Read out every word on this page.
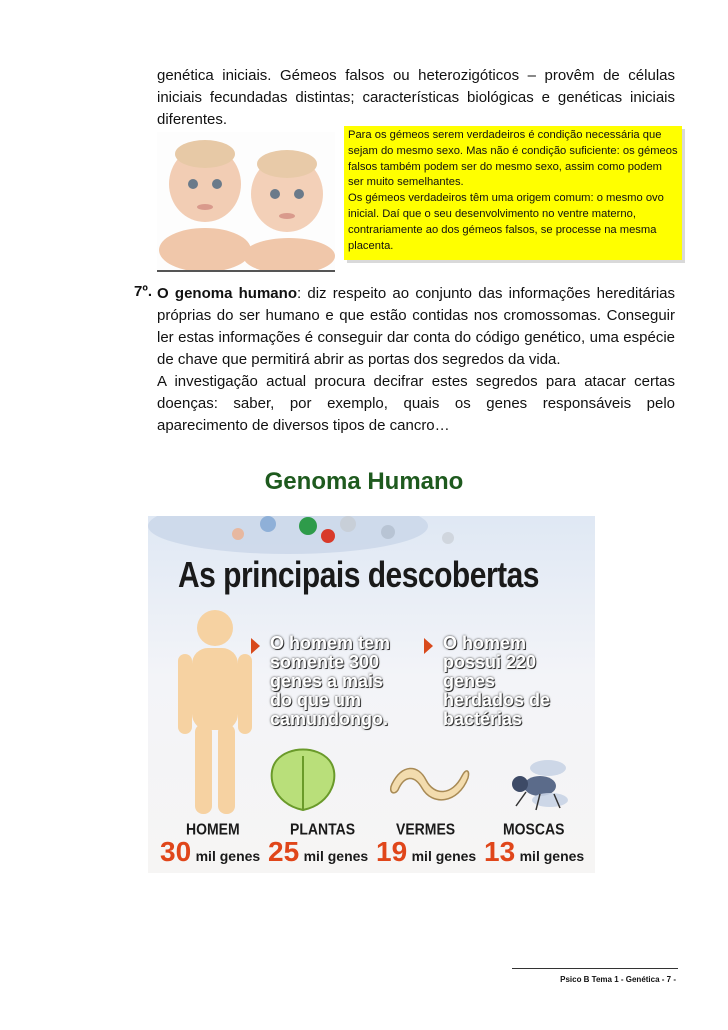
genética iniciais. Gémeos falsos ou heterozigóticos – provêm de células iniciais fecundadas distintas; características biológicas e genéticas iniciais diferentes.

Para os gémeos serem verdadeiros é condição necessária que sejam do mesmo sexo. Mas não é condição suficiente: os gémeos falsos também podem ser do mesmo sexo, assim como podem ser muito semelhantes.

Os gémeos verdadeiros têm uma origem comum: o mesmo ovo inicial. Daí que o seu desenvolvimento no ventre materno, contrariamente ao dos gémeos falsos, se processe na mesma placenta.

7º. O genoma humano: diz respeito ao conjunto das informações hereditárias próprias do ser humano e que estão contidas nos cromossomas. Conseguir ler estas informações é conseguir dar conta do código genético, uma espécie de chave que permitirá abrir as portas dos segredos da vida.
A investigação actual procura decifrar estes segredos para atacar certas doenças: saber, por exemplo, quais os genes responsáveis pelo aparecimento de diversos tipos de cancro…
Genoma Humano
As principais descobertas
O homem tem somente 300 genes a mais do que um camundongo.
O homem possui 220 genes herdados de bactérias
HOMEM	PLANTAS	VERMES	MOSCAS
30 mil genes 25 mil genes 19 mil genes 13 mil genes

Psico B Tema 1 - Genética - 7 -
